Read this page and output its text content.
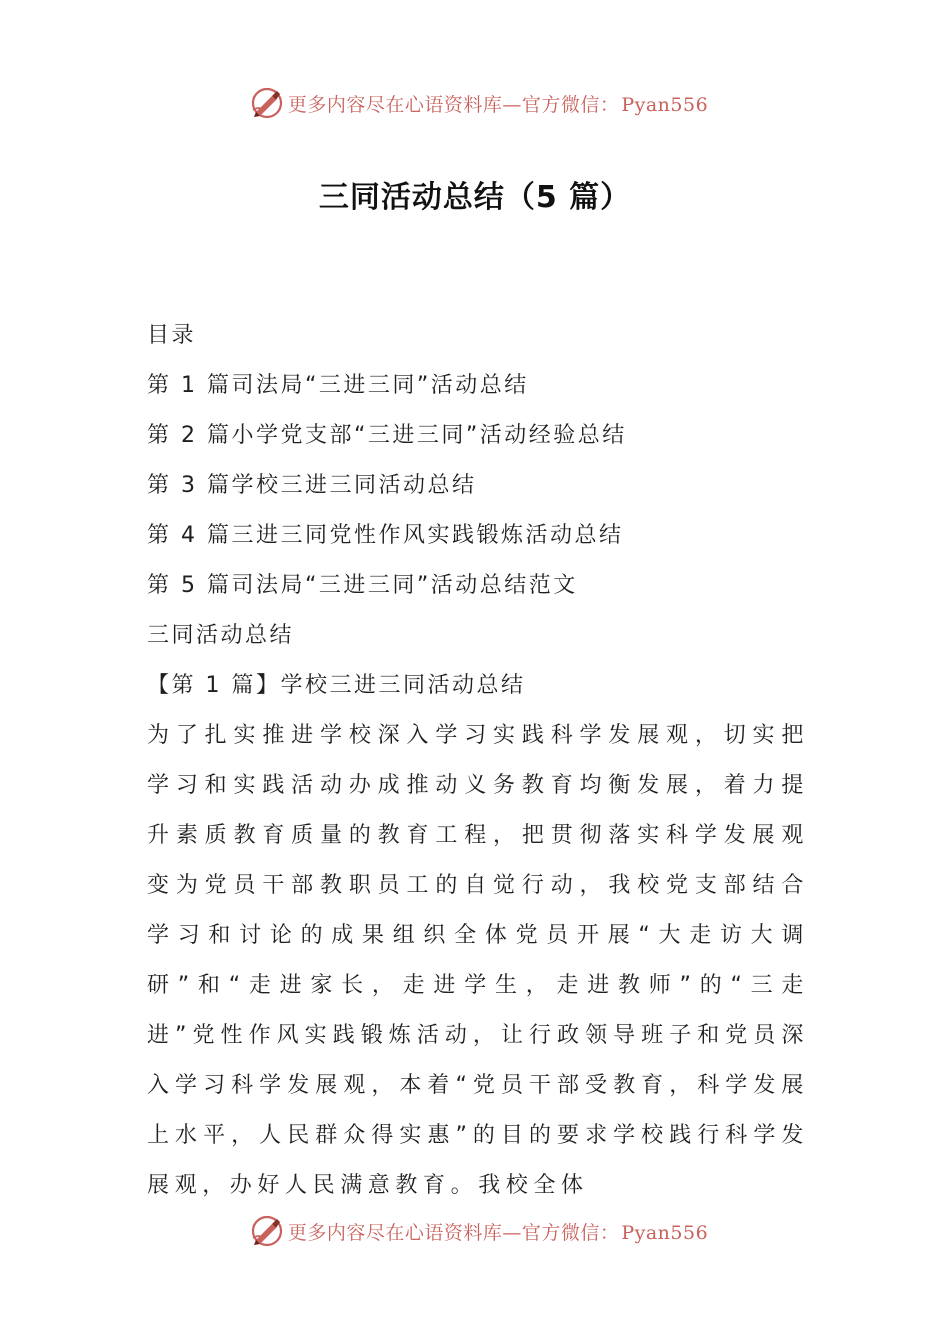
更多内容尽在心语资料库—官方微信： Pyan556
三同活动总结（5 篇）
目录
第 1 篇司法局“三进三同”活动总结
第 2 篇小学党支部“三进三同”活动经验总结
第 3 篇学校三进三同活动总结
第 4 篇三进三同党性作风实践锻炼活动总结
第 5 篇司法局“三进三同”活动总结范文
三同活动总结
【第 1 篇】学校三进三同活动总结

为了扎实推进学校深入学习实践科学发展观，切实把学习和实践活动办成推动义务教育均衡发展，着力提升素质教育质量的教育工程，把贯彻落实科学发展观变为党员干部教职员工的自觉行动，我校党支部结合学习和讨论的成果组织全体党员开展“大走访大调研”和“走进家长，走进学生，走进教师”的“三走进”党性作风实践锻炼活动，让行政领导班子和党员深入学习科学发展观，本着“党员干部受教育，科学发展上水平，人民群众得实惠”的目的要求学校践行科学发展观，办好人民满意教育。我校全体

更多内容尽在心语资料库—官方微信： Pyan556
